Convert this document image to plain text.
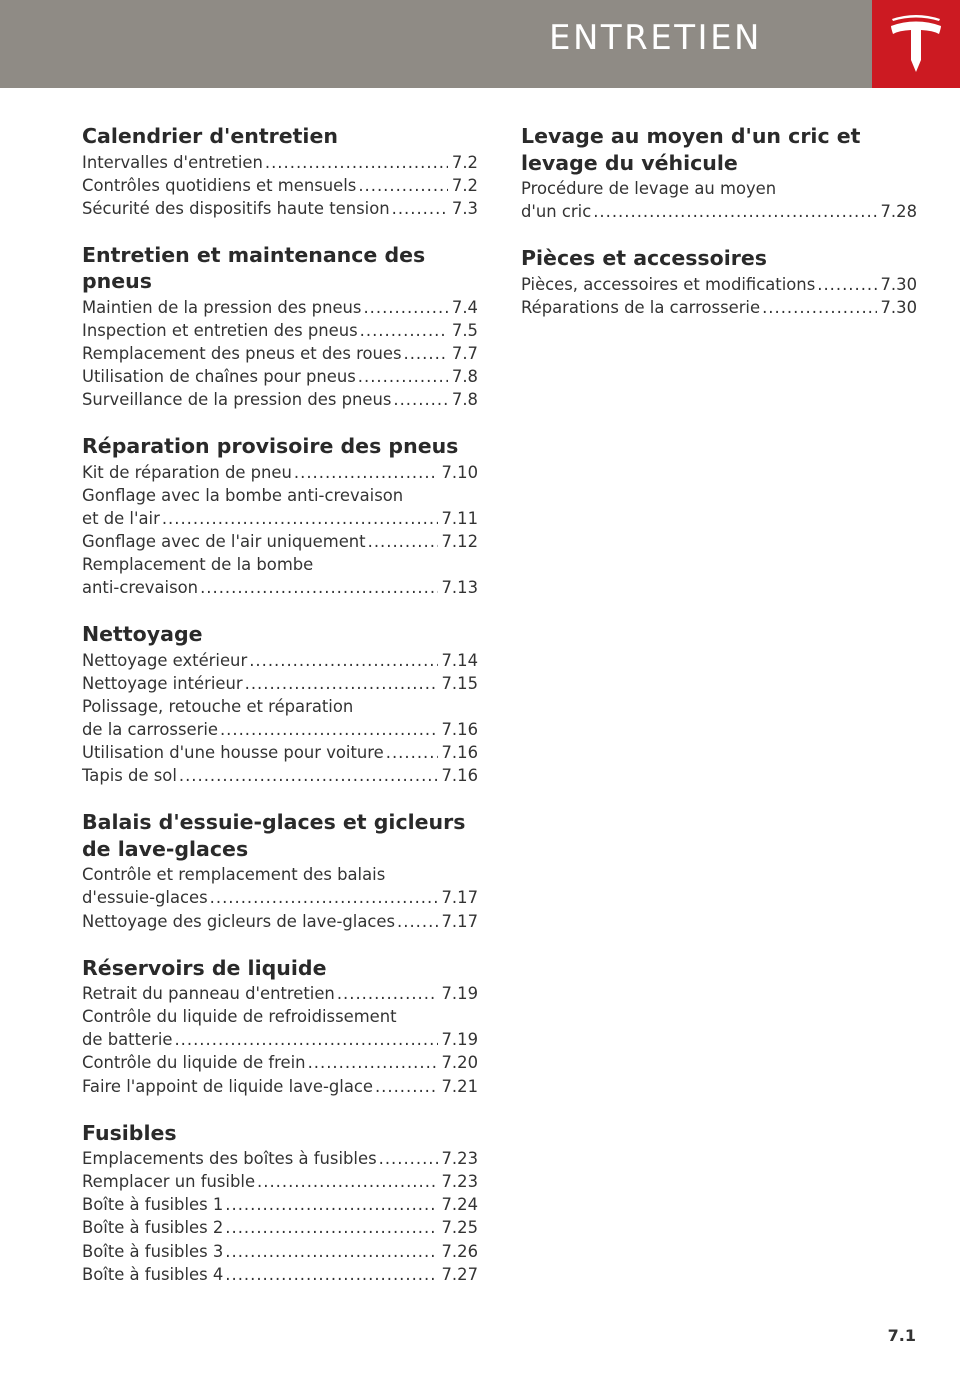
ENTRETIEN
Calendrier d'entretien
Intervalles d'entretien .....	7.2
Contrôles quotidiens et mensuels .....	7.2
Sécurité des dispositifs haute tension .....	7.3
Entretien et maintenance des pneus
Maintien de la pression des pneus .....	7.4
Inspection et entretien des pneus .....	7.5
Remplacement des pneus et des roues .....	7.7
Utilisation de chaînes pour pneus .....	7.8
Surveillance de la pression des pneus .....	7.8
Réparation provisoire des pneus
Kit de réparation de pneu .....	7.10
Gonflage avec la bombe anti-crevaison
et de l'air .....	7.11
Gonflage avec de l'air uniquement .....	7.12
Remplacement de la bombe
anti-crevaison .....	7.13
Nettoyage
Nettoyage extérieur .....	7.14
Nettoyage intérieur .....	7.15
Polissage, retouche et réparation
de la carrosserie .....	7.16
Utilisation d'une housse pour voiture .....	7.16
Tapis de sol .....	7.16
Balais d'essuie-glaces et gicleurs de lave-glaces
Contrôle et remplacement des balais
d'essuie-glaces .....	7.17
Nettoyage des gicleurs de lave-glaces .....	7.17
Réservoirs de liquide
Retrait du panneau d'entretien .....	7.19
Contrôle du liquide de refroidissement
de batterie .....	7.19
Contrôle du liquide de frein .....	7.20
Faire l'appoint de liquide lave-glace .....	7.21
Fusibles
Emplacements des boîtes à fusibles .....	7.23
Remplacer un fusible .....	7.23
Boîte à fusibles 1 .....	7.24
Boîte à fusibles 2 .....	7.25
Boîte à fusibles 3 .....	7.26
Boîte à fusibles 4 .....	7.27
Levage au moyen d'un cric et levage du véhicule
Procédure de levage au moyen
d'un cric .....	7.28
Pièces et accessoires
Pièces, accessoires et modifications .....	7.30
Réparations de la carrosserie .....	7.30
7.1
